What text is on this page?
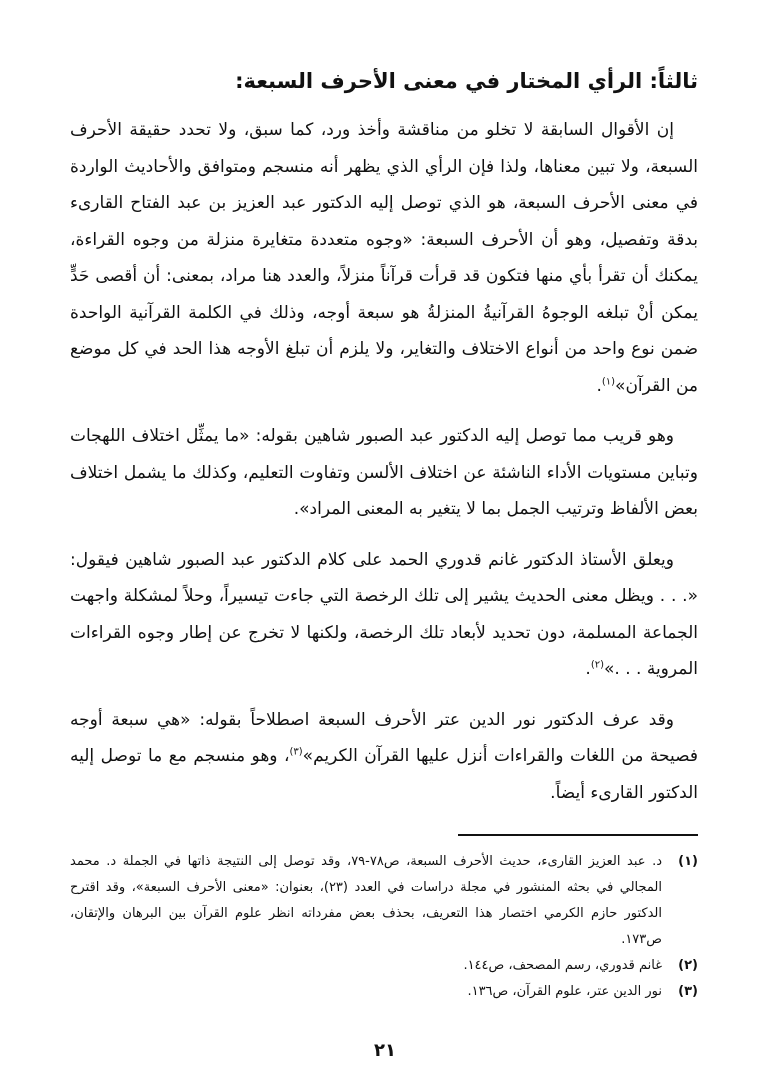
ثالثاً: الرأي المختار في معنى الأحرف السبعة:

إن الأقوال السابقة لا تخلو من مناقشة وأخذ ورد، كما سبق، ولا تحدد حقيقة الأحرف السبعة، ولا تبين معناها، ولذا فإن الرأي الذي يظهر أنه منسجم ومتوافق والأحاديث الواردة في معنى الأحرف السبعة، هو الذي توصل إليه الدكتور عبد العزيز بن عبد الفتاح القارىء بدقة وتفصيل، وهو أن الأحرف السبعة: «وجوه متعددة متغايرة منزلة من وجوه القراءة، يمكنك أن تقرأ بأي منها فتكون قد قرأت قرآناً منزلاً، والعدد هنا مراد، بمعنى: أن أقصى حَدٍّ يمكن أنْ تبلغه الوجوهُ القرآنيةُ المنزلةُ هو سبعة أوجه، وذلك في الكلمة القرآنية الواحدة ضمن نوع واحد من أنواع الاختلاف والتغاير، ولا يلزم أن تبلغ الأوجه هذا الحد في كل موضع من القرآن»$^{(١)}$.

وهو قريب مما توصل إليه الدكتور عبد الصبور شاهين بقوله: «ما يمثِّل اختلاف اللهجات وتباين مستويات الأداء الناشئة عن اختلاف الألسن وتفاوت التعليم، وكذلك ما يشمل اختلاف بعض الألفاظ وترتيب الجمل بما لا يتغير به المعنى المراد».

ويعلق الأستاذ الدكتور غانم قدوري الحمد على كلام الدكتور عبد الصبور شاهين فيقول: «. . . ويظل معنى الحديث يشير إلى تلك الرخصة التي جاءت تيسيراً، وحلاً لمشكلة واجهت الجماعة المسلمة، دون تحديد لأبعاد تلك الرخصة، ولكنها لا تخرج عن إطار وجوه القراءات المروية . . .»$^{(٢)}$.

وقد عرف الدكتور نور الدين عتر الأحرف السبعة اصطلاحاً بقوله: «هي سبعة أوجه فصيحة من اللغات والقراءات أنزل عليها القرآن الكريم»$^{(٣)}$، وهو منسجم مع ما توصل إليه الدكتور القارىء أيضاً.

(١)
د. عبد العزيز القارىء، حديث الأحرف السبعة، ص٧٨-٧٩، وقد توصل إلى النتيجة ذاتها في الجملة د. محمد المجالي في بحثه المنشور في مجلة دراسات في العدد (٢٣)، بعنوان: «معنى الأحرف السبعة»، وقد اقترح الدكتور حازم الكرمي اختصار هذا التعريف، بحذف بعض مفرداته انظر علوم القرآن بين البرهان والإتقان، ص١٧٣.
(٢)
غانم قدوري، رسم المصحف، ص١٤٤.
(٣)
نور الدين عتر، علوم القرآن، ص١٣٦.
٢١
